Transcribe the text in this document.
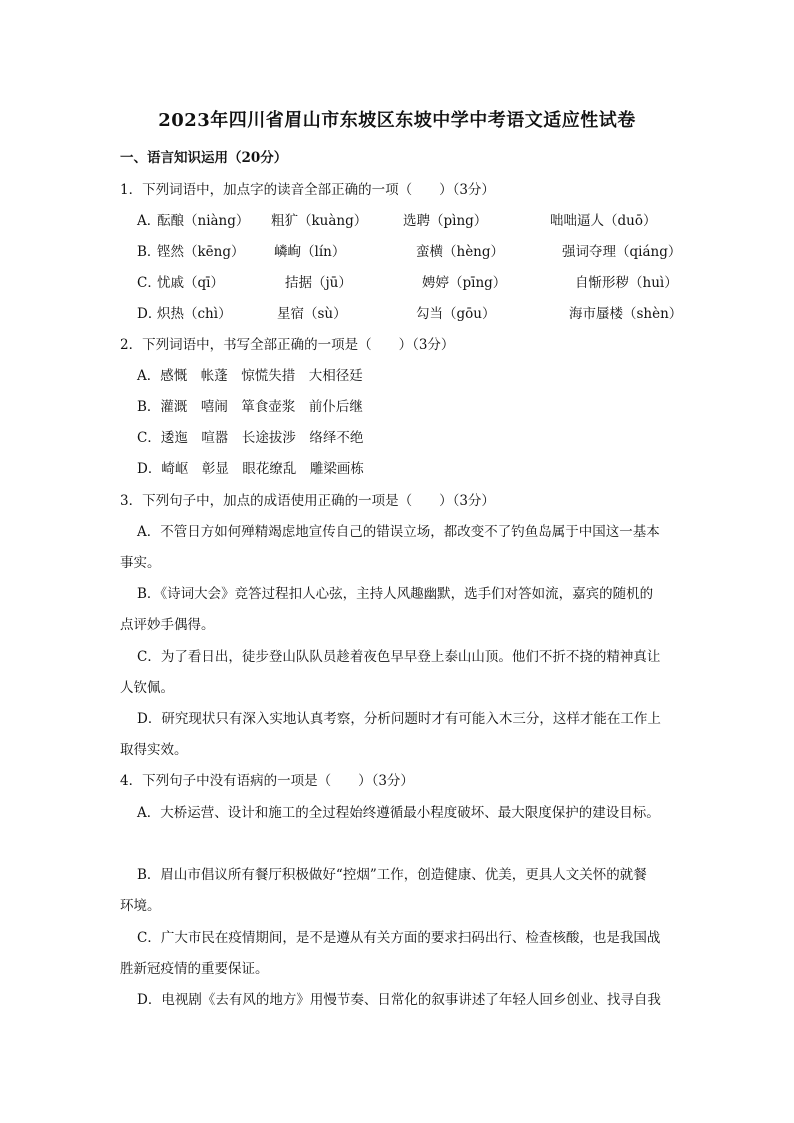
2023年四川省眉山市东坡区东坡中学中考语文适应性试卷
一、语言知识运用（20分）
1．下列词语中，加点字的读音全部正确的一项（　　）（3分）
A．
酝酿（niàng） 粗犷（kuàng）	选聘（pìng）	咄咄逼人（duō）
B．
铿然（kēng） 嶙峋（lín）	蛮横（hèng）	强词夺理（qiáng）
C．
忧戚（qī）	拮据（jū）	娉婷（pīng）	自惭形秽（huì）
D．
炽热（chì）	星宿（sù）	勾当（gōu）	海市蜃楼（shèn）
2．下列词语中，书写全部正确的一项是（　　）（3分）
A．感慨　帐蓬　惊慌失措　大相径廷
B．灌溉　嘻闹　箪食壶浆　前仆后继
C．逶迤　喧嚣　长途拔涉　络绎不绝
D．崎岖　彰显　眼花缭乱　雕梁画栋
3．下列句子中，加点的成语使用正确的一项是（　　）（3分）
A．不管日方如何殚精竭虑地宣传自己的错误立场，都改变不了钓鱼岛属于中国这一基本
事实。
B．《诗词大会》竞答过程扣人心弦，主持人风趣幽默，选手们对答如流，嘉宾的随机的
点评妙手偶得。
C．为了看日出，徒步登山队队员趁着夜色早早登上泰山山顶。他们不折不挠的精神真让
人钦佩。
D．研究现状只有深入实地认真考察，分析问题时才有可能入木三分，这样才能在工作上
取得实效。
4．下列句子中没有语病的一项是（　　）（3分）
A．大桥运营、设计和施工的全过程始终遵循最小程度破坏、最大限度保护的建设目标。
B．眉山市倡议所有餐厅积极做好“控烟”工作，创造健康、优美，更具人文关怀的就餐
环境。
C．广大市民在疫情期间，是不是遵从有关方面的要求扫码出行、检查核酸，也是我国战
胜新冠疫情的重要保证。
D．电视剧《去有风的地方》用慢节奏、日常化的叙事讲述了年轻人回乡创业、找寻自我
